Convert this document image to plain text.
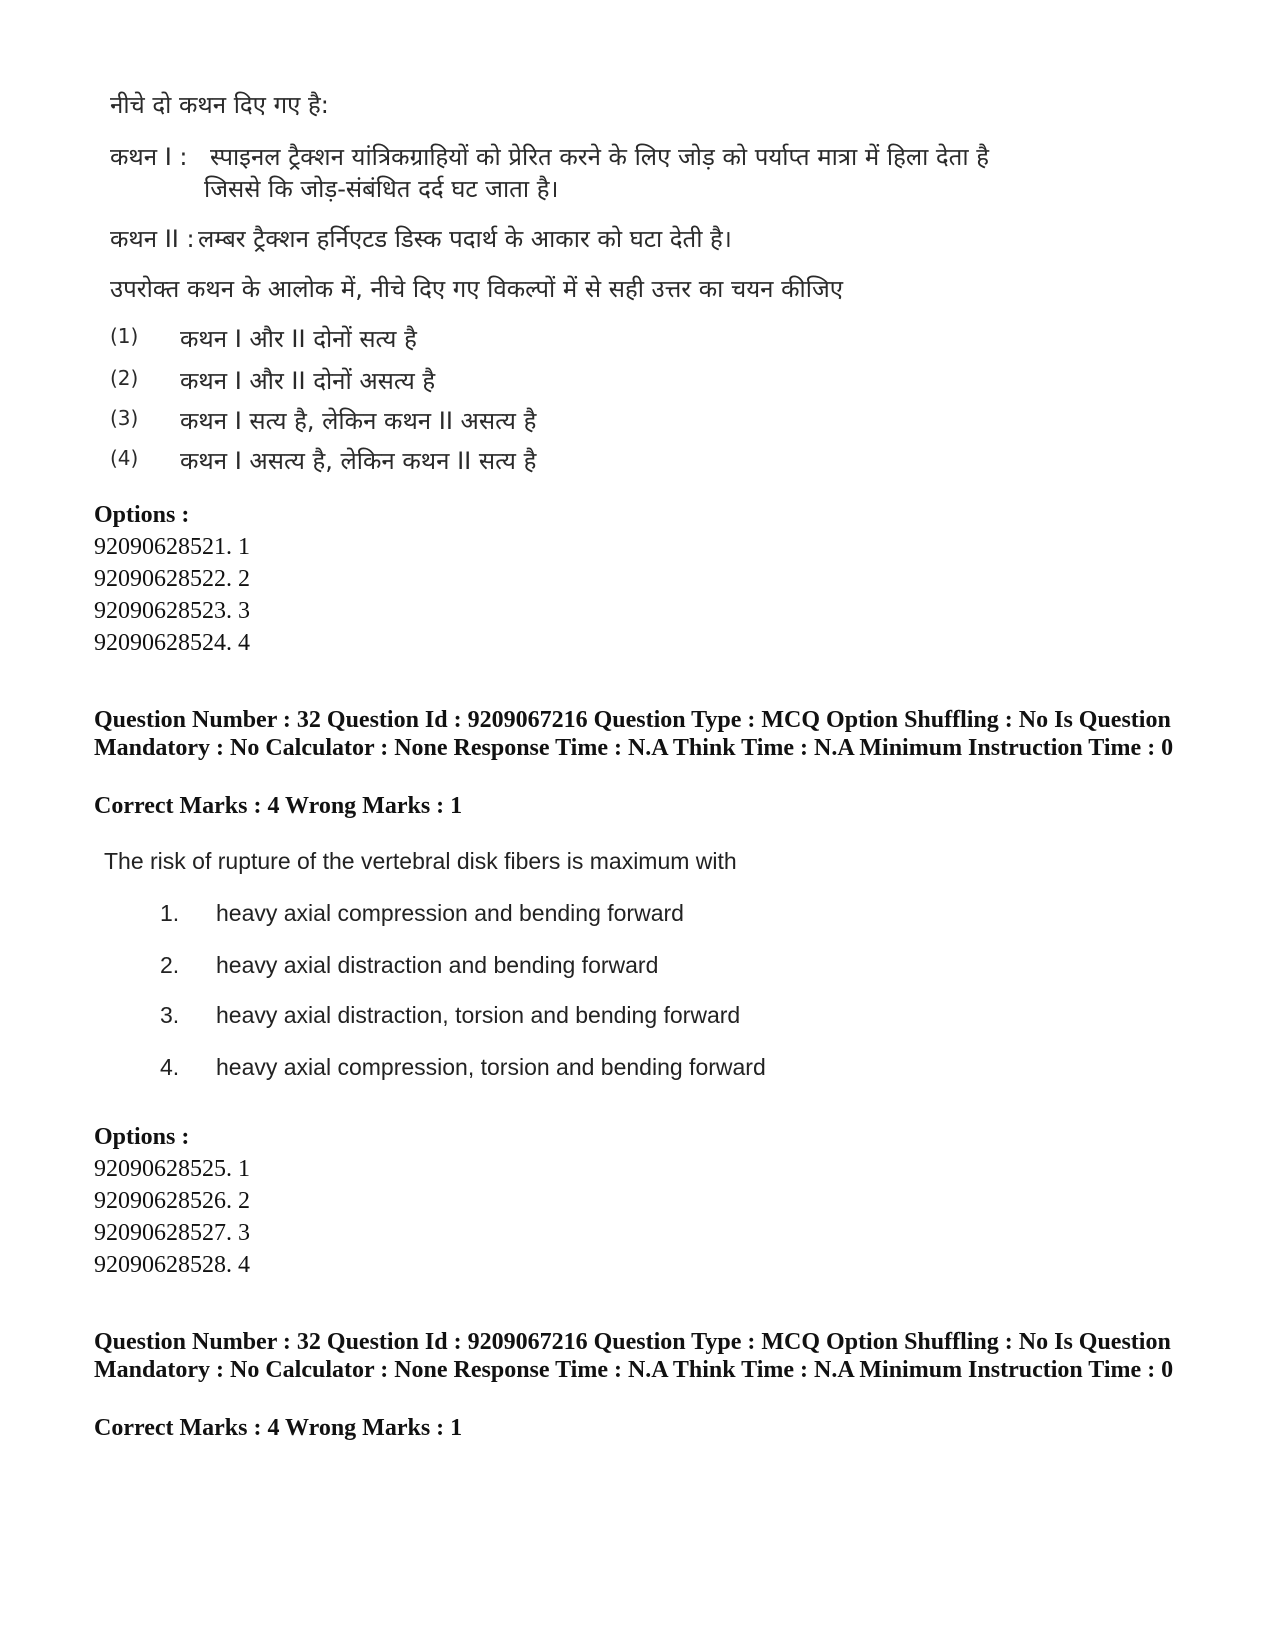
नीचे दो कथन दिए गए है:
कथन I : स्पाइनल ट्रैक्शन यांत्रिकग्राहियों को प्रेरित करने के लिए जोड़ को पर्याप्त मात्रा में हिला देता है
जिससे कि जोड़-संबंधित दर्द घट जाता है।
कथन II : लम्बर ट्रैक्शन हर्निएटड डिस्क पदार्थ के आकार को घटा देती है।
उपरोक्त कथन के आलोक में, नीचे दिए गए विकल्पों में से सही उत्तर का चयन कीजिए
(1) कथन I और II दोनों सत्य है
(2) कथन I और II दोनों असत्य है
(3) कथन I सत्य है, लेकिन कथन II असत्य है
(4) कथन I असत्य है, लेकिन कथन II सत्य है
Options :
92090628521. 1
92090628522. 2
92090628523. 3
92090628524. 4
Question Number : 32 Question Id : 9209067216 Question Type : MCQ Option Shuffling : No Is Question Mandatory : No Calculator : None Response Time : N.A Think Time : N.A Minimum Instruction Time : 0
Correct Marks : 4 Wrong Marks : 1
The risk of rupture of the vertebral disk fibers is maximum with
1. heavy axial compression and bending forward
2. heavy axial distraction and bending forward
3. heavy axial distraction, torsion and bending forward
4. heavy axial compression, torsion and bending forward
Options :
92090628525. 1
92090628526. 2
92090628527. 3
92090628528. 4
Question Number : 32 Question Id : 9209067216 Question Type : MCQ Option Shuffling : No Is Question Mandatory : No Calculator : None Response Time : N.A Think Time : N.A Minimum Instruction Time : 0
Correct Marks : 4 Wrong Marks : 1
